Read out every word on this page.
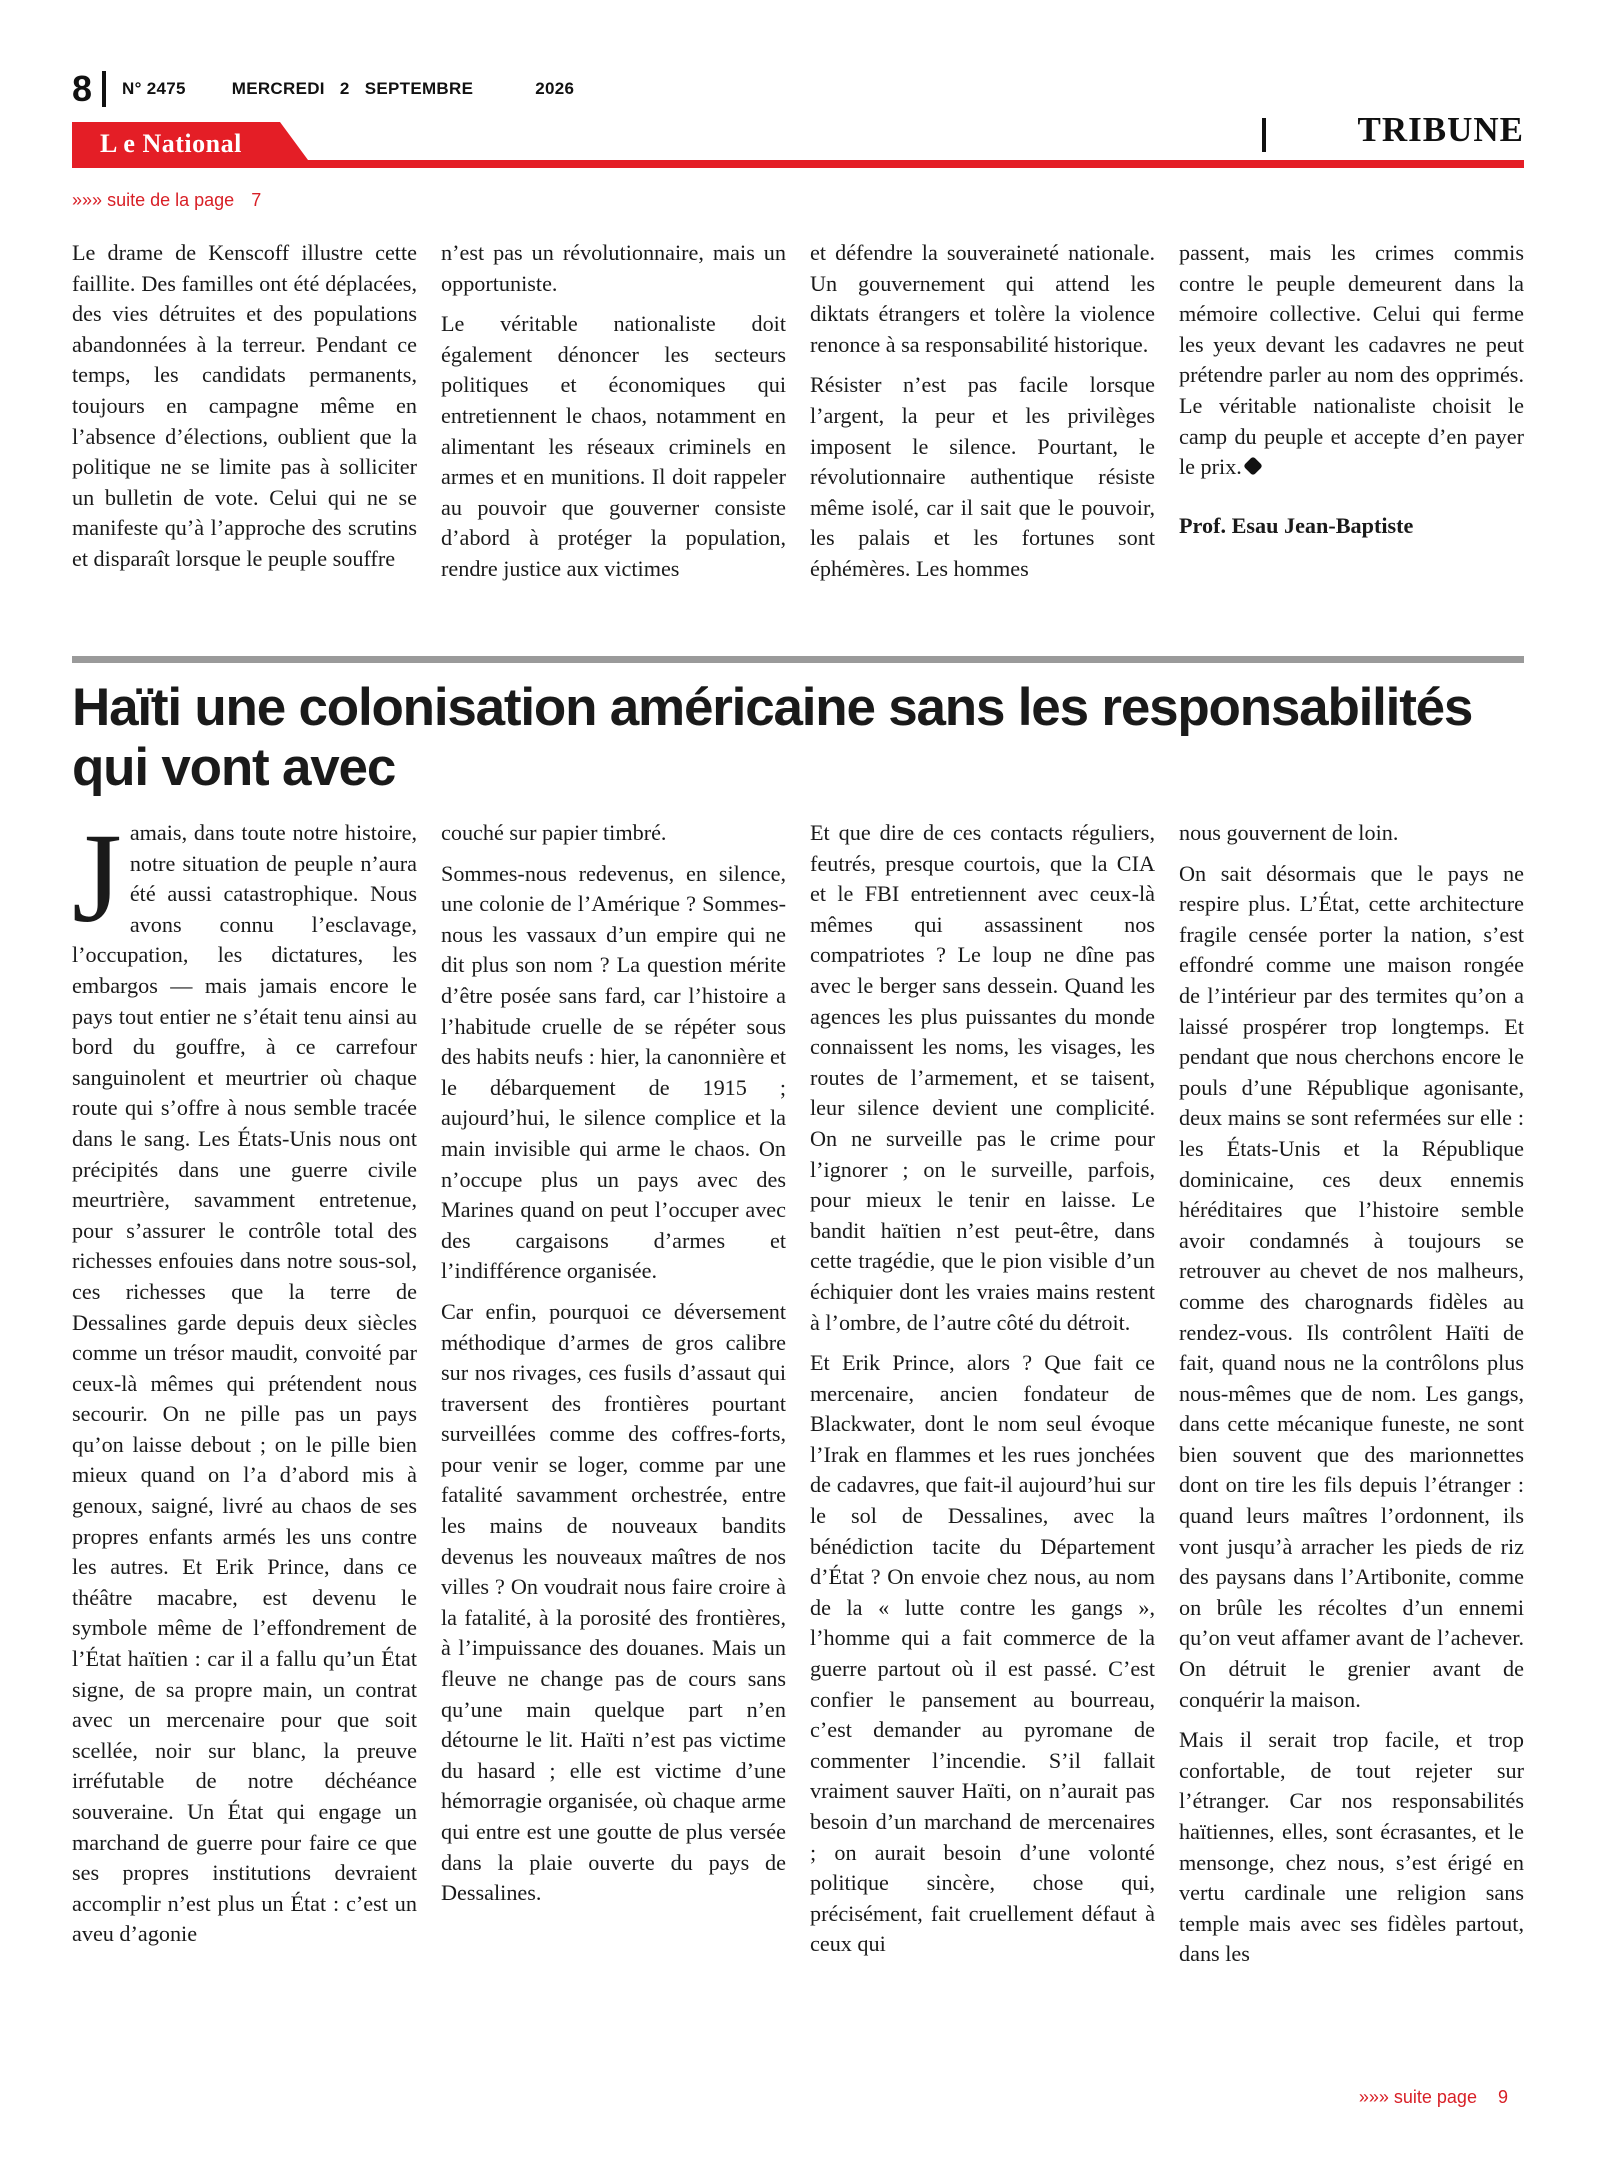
8 N° 2475	MERCREDI   2   SEPTEMBRE	2026
L e National	TRIBUNE
»»» suite de la page 7

Le drame de Kenscoff illustre cette faillite. Des familles ont été déplacées, des vies détruites et des populations abandonnées à la terreur. Pendant ce temps, les candidats permanents, toujours en campagne même en l’absence d’élections, oublient que la politique ne se limite pas à solliciter un bulletin de vote. Celui qui ne se manifeste qu’à l’approche des scrutins et disparaît lorsque le peuple souffre

n’est pas un révolutionnaire, mais un opportuniste.

Le véritable nationaliste doit également dénoncer les secteurs politiques et économiques qui entretiennent le chaos, notamment en alimentant les réseaux criminels en armes et en munitions. Il doit rappeler au pouvoir que gouverner consiste d’abord à protéger la population, rendre justice aux victimes

et défendre la souveraineté nationale. Un gouvernement qui attend les diktats étrangers et tolère la violence renonce à sa responsabilité historique.

Résister n’est pas facile lorsque l’argent, la peur et les privilèges imposent le silence. Pourtant, le révolutionnaire authentique résiste même isolé, car il sait que le pouvoir, les palais et les fortunes sont éphémères. Les hommes

passent, mais les crimes commis contre le peuple demeurent dans la mémoire collective. Celui qui ferme les yeux devant les cadavres ne peut prétendre parler au nom des opprimés. Le véritable nationaliste choisit le camp du peuple et accepte d’en payer le prix.

Prof. Esau Jean-Baptiste

Haïti une colonisation américaine sans les responsabilités qui vont avec

Jamais, dans toute notre histoire, notre situation de peuple n’aura été aussi catastrophique. Nous avons connu l’esclavage, l’occupation, les dictatures, les embargos — mais jamais encore le pays tout entier ne s’était tenu ainsi au bord du gouffre, à ce carrefour sanguinolent et meurtrier où chaque route qui s’offre à nous semble tracée dans le sang. Les États-Unis nous ont précipités dans une guerre civile meurtrière, savamment entretenue, pour s’assurer le contrôle total des richesses enfouies dans notre sous-sol, ces richesses que la terre de Dessalines garde depuis deux siècles comme un trésor maudit, convoité par ceux-là mêmes qui prétendent nous secourir. On ne pille pas un pays qu’on laisse debout ; on le pille bien mieux quand on l’a d’abord mis à genoux, saigné, livré au chaos de ses propres enfants armés les uns contre les autres. Et Erik Prince, dans ce théâtre macabre, est devenu le symbole même de l’effondrement de l’État haïtien : car il a fallu qu’un État signe, de sa propre main, un contrat avec un mercenaire pour que soit scellée, noir sur blanc, la preuve irréfutable de notre déchéance souveraine. Un État qui engage un marchand de guerre pour faire ce que ses propres institutions devraient accomplir n’est plus un État : c’est un aveu d’agonie

couché sur papier timbré.

Sommes-nous redevenus, en silence, une colonie de l’Amérique ? Sommes-nous les vassaux d’un empire qui ne dit plus son nom ? La question mérite d’être posée sans fard, car l’histoire a l’habitude cruelle de se répéter sous des habits neufs : hier, la canonnière et le débarquement de 1915 ; aujourd’hui, le silence complice et la main invisible qui arme le chaos. On n’occupe plus un pays avec des Marines quand on peut l’occuper avec des cargaisons d’armes et l’indifférence organisée.

Car enfin, pourquoi ce déversement méthodique d’armes de gros calibre sur nos rivages, ces fusils d’assaut qui traversent des frontières pourtant surveillées comme des coffres-forts, pour venir se loger, comme par une fatalité savamment orchestrée, entre les mains de nouveaux bandits devenus les nouveaux maîtres de nos villes ? On voudrait nous faire croire à la fatalité, à la porosité des frontières, à l’impuissance des douanes. Mais un fleuve ne change pas de cours sans qu’une main quelque part n’en détourne le lit. Haïti n’est pas victime du hasard ; elle est victime d’une hémorragie organisée, où chaque arme qui entre est une goutte de plus versée dans la plaie ouverte du pays de Dessalines.

Et que dire de ces contacts réguliers, feutrés, presque courtois, que la CIA et le FBI entretiennent avec ceux-là mêmes qui assassinent nos compatriotes ? Le loup ne dîne pas avec le berger sans dessein. Quand les agences les plus puissantes du monde connaissent les noms, les visages, les routes de l’armement, et se taisent, leur silence devient une complicité. On ne surveille pas le crime pour l’ignorer ; on le surveille, parfois, pour mieux le tenir en laisse. Le bandit haïtien n’est peut-être, dans cette tragédie, que le pion visible d’un échiquier dont les vraies mains restent à l’ombre, de l’autre côté du détroit.

Et Erik Prince, alors ? Que fait ce mercenaire, ancien fondateur de Blackwater, dont le nom seul évoque l’Irak en flammes et les rues jonchées de cadavres, que fait-il aujourd’hui sur le sol de Dessalines, avec la bénédiction tacite du Département d’État ? On envoie chez nous, au nom de la « lutte contre les gangs », l’homme qui a fait commerce de la guerre partout où il est passé. C’est confier le pansement au bourreau, c’est demander au pyromane de commenter l’incendie. S’il fallait vraiment sauver Haïti, on n’aurait pas besoin d’un marchand de mercenaires ; on aurait besoin d’une volonté politique sincère, chose qui, précisément, fait cruellement défaut à ceux qui

nous gouvernent de loin.

On sait désormais que le pays ne respire plus. L’État, cette architecture fragile censée porter la nation, s’est effondré comme une maison rongée de l’intérieur par des termites qu’on a laissé prospérer trop longtemps. Et pendant que nous cherchons encore le pouls d’une République agonisante, deux mains se sont refermées sur elle : les États-Unis et la République dominicaine, ces deux ennemis héréditaires que l’histoire semble avoir condamnés à toujours se retrouver au chevet de nos malheurs, comme des charognards fidèles au rendez-vous. Ils contrôlent Haïti de fait, quand nous ne la contrôlons plus nous-mêmes que de nom. Les gangs, dans cette mécanique funeste, ne sont bien souvent que des marionnettes dont on tire les fils depuis l’étranger : quand leurs maîtres l’ordonnent, ils vont jusqu’à arracher les pieds de riz des paysans dans l’Artibonite, comme on brûle les récoltes d’un ennemi qu’on veut affamer avant de l’achever. On détruit le grenier avant de conquérir la maison.

Mais il serait trop facile, et trop confortable, de tout rejeter sur l’étranger. Car nos responsabilités haïtiennes, elles, sont écrasantes, et le mensonge, chez nous, s’est érigé en vertu cardinale une religion sans temple mais avec ses fidèles partout, dans les

»»» suite page 9
